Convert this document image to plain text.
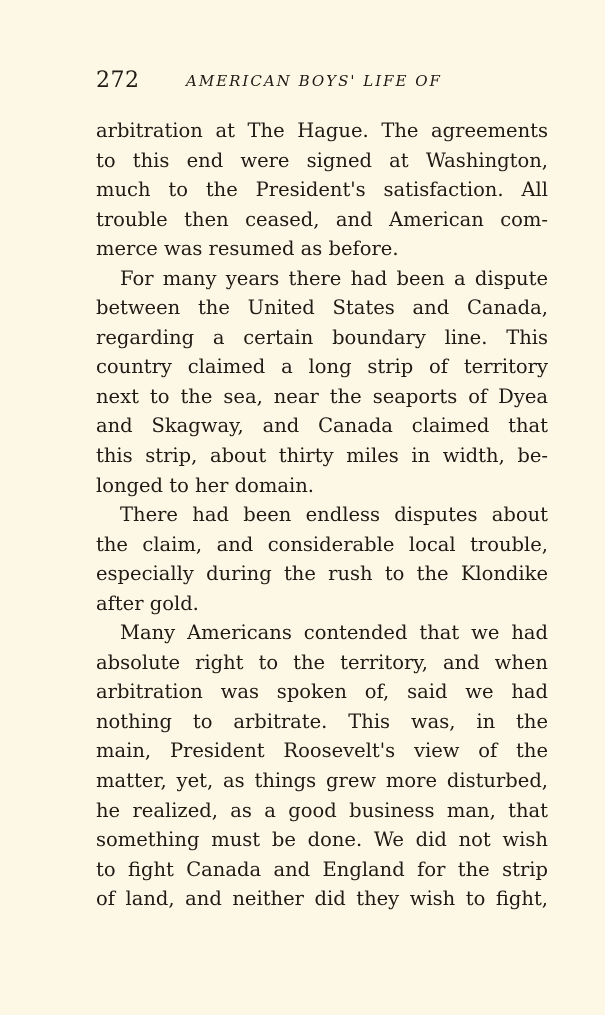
272	AMERICAN BOYS' LIFE OF
arbitration at The Hague. The agreements
to this end were signed at Washington,
much to the President's satisfaction. All
trouble then ceased, and American com-
merce was resumed as before.
For many years there had been a dispute
between the United States and Canada,
regarding a certain boundary line. This
country claimed a long strip of territory
next to the sea, near the seaports of Dyea
and Skagway, and Canada claimed that
this strip, about thirty miles in width, be-
longed to her domain.
There had been endless disputes about
the claim, and considerable local trouble,
especially during the rush to the Klondike
after gold.
Many Americans contended that we had
absolute right to the territory, and when
arbitration was spoken of, said we had
nothing to arbitrate. This was, in the
main, President Roosevelt's view of the
matter, yet, as things grew more disturbed,
he realized, as a good business man, that
something must be done. We did not wish
to fight Canada and England for the strip
of land, and neither did they wish to fight,
